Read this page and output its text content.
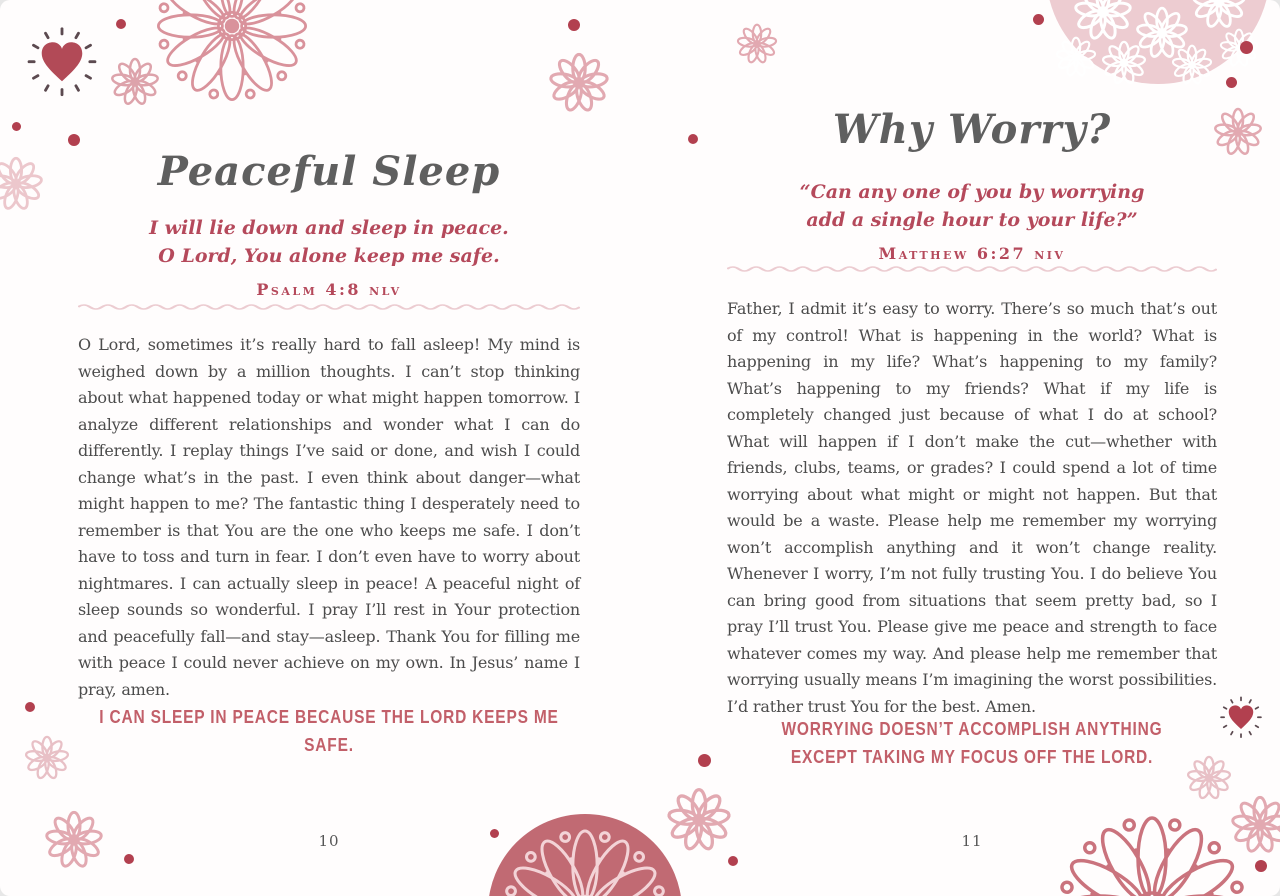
Peaceful Sleep
I will lie down and sleep in peace.
O Lord, You alone keep me safe.
Psalm 4:8 nlv

O Lord, sometimes it’s really hard to fall asleep! My mind is weighed down by a million thoughts. I can’t stop thinking about what happened today or what might happen tomorrow. I analyze different relationships and wonder what I can do differently. I replay things I’ve said or done, and wish I could change what’s in the past. I even think about danger—what might happen to me? The fantastic thing I desperately need to remember is that You are the one who keeps me safe. I don’t have to toss and turn in fear. I don’t even have to worry about nightmares. I can actually sleep in peace! A peaceful night of sleep sounds so wonderful. I pray I’ll rest in Your protection and peacefully fall—and stay—asleep. Thank You for filling me with peace I could never achieve on my own. In Jesus’ name I pray, amen.

I CAN SLEEP IN PEACE BECAUSE THE LORD KEEPS ME SAFE.
10
Why Worry?
“Can any one of you by worrying
add a single hour to your life?”
Matthew 6:27 niv

Father, I admit it’s easy to worry. There’s so much that’s out of my control! What is happening in the world? What is happening in my life? What’s happening to my family? What’s happening to my friends? What if my life is completely changed just because of what I do at school? What will happen if I don’t make the cut—whether with friends, clubs, teams, or grades? I could spend a lot of time worrying about what might or might not happen. But that would be a waste. Please help me remember my worrying won’t accomplish anything and it won’t change reality. Whenever I worry, I’m not fully trusting You. I do believe You can bring good from situations that seem pretty bad, so I pray I’ll trust You. Please give me peace and strength to face whatever comes my way. And please help me remember that worrying usually means I’m imagining the worst possibilities. I’d rather trust You for the best. Amen.

WORRYING DOESN’T ACCOMPLISH ANYTHING
EXCEPT TAKING MY FOCUS OFF THE LORD.
11
